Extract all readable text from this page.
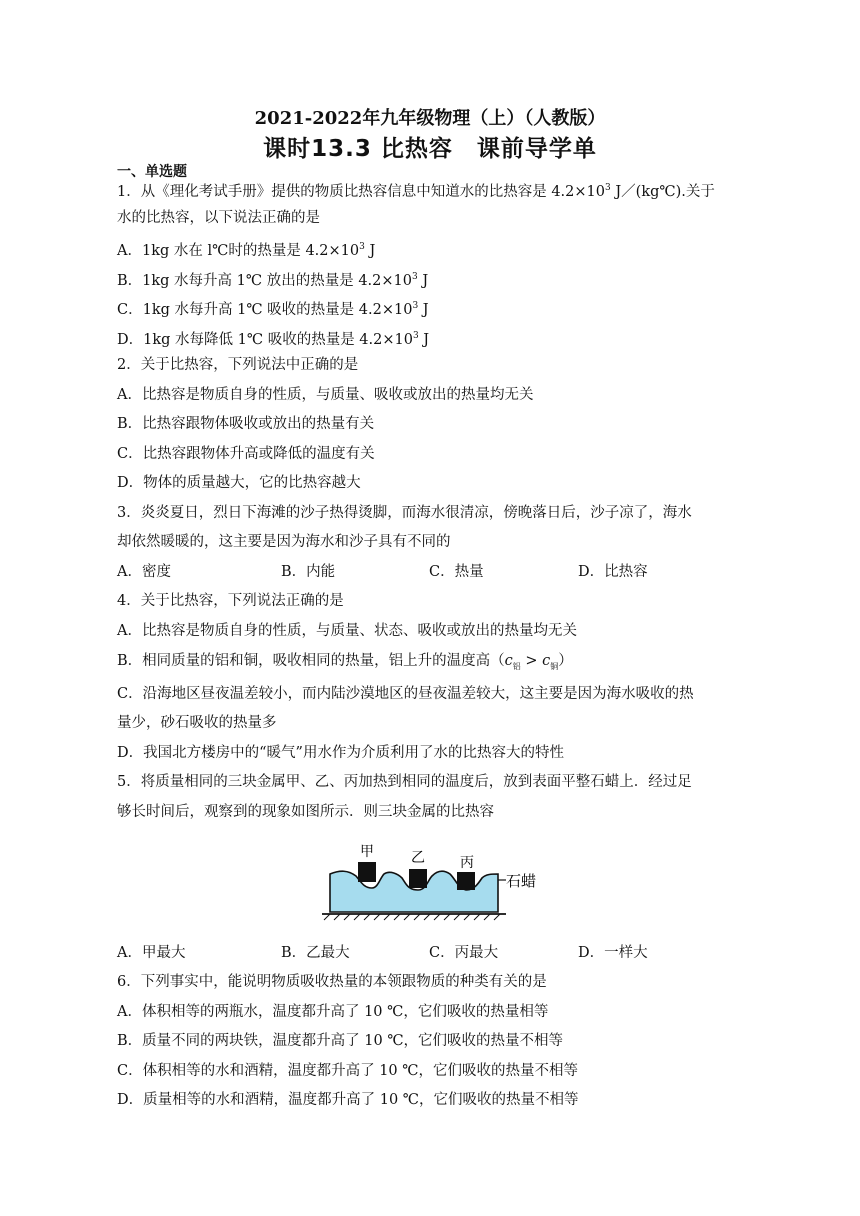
2021-2022年九年级物理（上）（人教版）
课时13.3 比热容　课前导学单
一、单选题
1．从《理化考试手册》提供的物质比热容信息中知道水的比热容是 $4.2\times 10^3$ J／(kg℃).关于
水的比热容，以下说法正确的是
A．1kg 水在 l℃时的热量是 $4.2\times 10^3$ J
B．1kg 水每升高 1℃ 放出的热量是 $4.2\times 10^3$ J
C．1kg 水每升高 1℃ 吸收的热量是 $4.2\times 10^3$ J
D．1kg 水每降低 1℃ 吸收的热量是 $4.2\times 10^3$ J
2．关于比热容，下列说法中正确的是
A．比热容是物质自身的性质，与质量、吸收或放出的热量均无关
B．比热容跟物体吸收或放出的热量有关
C．比热容跟物体升高或降低的温度有关
D．物体的质量越大，它的比热容越大
3．炎炎夏日，烈日下海滩的沙子热得烫脚，而海水很清凉，傍晚落日后，沙子凉了，海水
却依然暖暖的，这主要是因为海水和沙子具有不同的
A．密度	B．内能	C．热量	D．比热容
4．关于比热容，下列说法正确的是
A．比热容是物质自身的性质，与质量、状态、吸收或放出的热量均无关
B．相同质量的铝和铜，吸收相同的热量，铝上升的温度高$(c_铝 > c_铜)$
C．沿海地区昼夜温差较小，而内陆沙漠地区的昼夜温差较大，这主要是因为海水吸收的热
量少，砂石吸收的热量多
D．我国北方楼房中的“暖气”用水作为介质利用了水的比热容大的特性
5．将质量相同的三块金属甲、乙、丙加热到相同的温度后，放到表面平整石蜡上．经过足
够长时间后，观察到的现象如图所示．则三块金属的比热容
甲	乙	丙
石蜡
A．甲最大	B．乙最大	C．丙最大	D．一样大
6．下列事实中，能说明物质吸收热量的本领跟物质的种类有关的是
A．体积相等的两瓶水，温度都升高了 10 ℃，它们吸收的热量相等
B．质量不同的两块铁，温度都升高了 10 ℃，它们吸收的热量不相等
C．体积相等的水和酒精，温度都升高了 10 ℃，它们吸收的热量不相等
D．质量相等的水和酒精，温度都升高了 10 ℃，它们吸收的热量不相等
